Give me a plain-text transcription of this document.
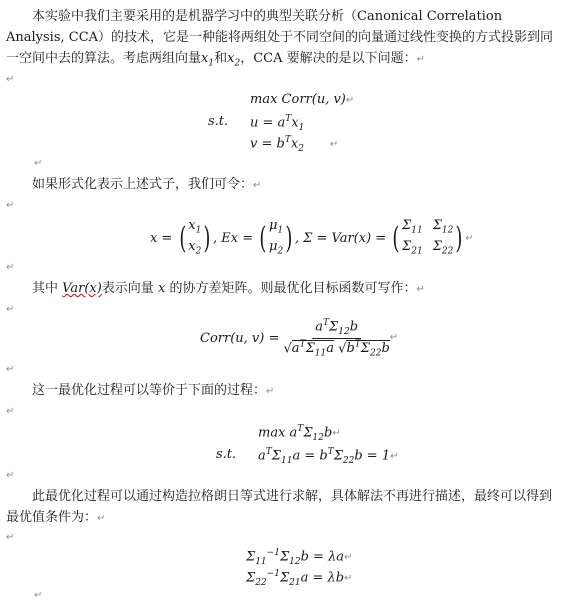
本实验中我们主要采用的是机器学习中的典型关联分析（Canonical Correlation Analysis, CCA）的技术，它是一种能将两组处于不同空间的向量通过线性变换的方式投影到同一空间中去的算法。考虑两组向量$x_1$和$x_2$，CCA 要解决的是以下问题：↵
↵
max Corr(u, v)↵
s.t. $u = a^Tx_1$
$v = b^Tx_2↵$
↵
如果形式化表示上述式子，我们可令：↵
↵
x =
( $x_1$
$x_2$ ) , Ex =
( $\mu_1$
$\mu_2$ ) , Σ = Var(x) =
( $\Sigma_{11}$ $\Sigma_{12}$
$\Sigma_{21}$ $\Sigma_{22}$ )
↵
↵
其中 Var(x)表示向量 x 的协方差矩阵。则最优化目标函数可写作：↵
↵
Corr(u, v) =
$\frac{a^T\Sigma_{12}b}{√a^T\Sigma_{11}a √b^T\Sigma_{22}b}$
↵
↵
这一最优化过程可以等价于下面的过程：↵
↵
$\max a^T\Sigma_{12}b↵$
s.t. $a^T\Sigma_{11}a = b^T\Sigma_{22}b$ = 1↵
↵
此最优化过程可以通过构造拉格朗日等式进行求解，具体解法不再进行描述，最终可以得到最优值条件为：↵
↵
$\Sigma_{11}^{-1}\Sigma_{12}b$ = λa↵
$\Sigma_{22}^{-1}\Sigma_{21}a$ = λb↵
↵
